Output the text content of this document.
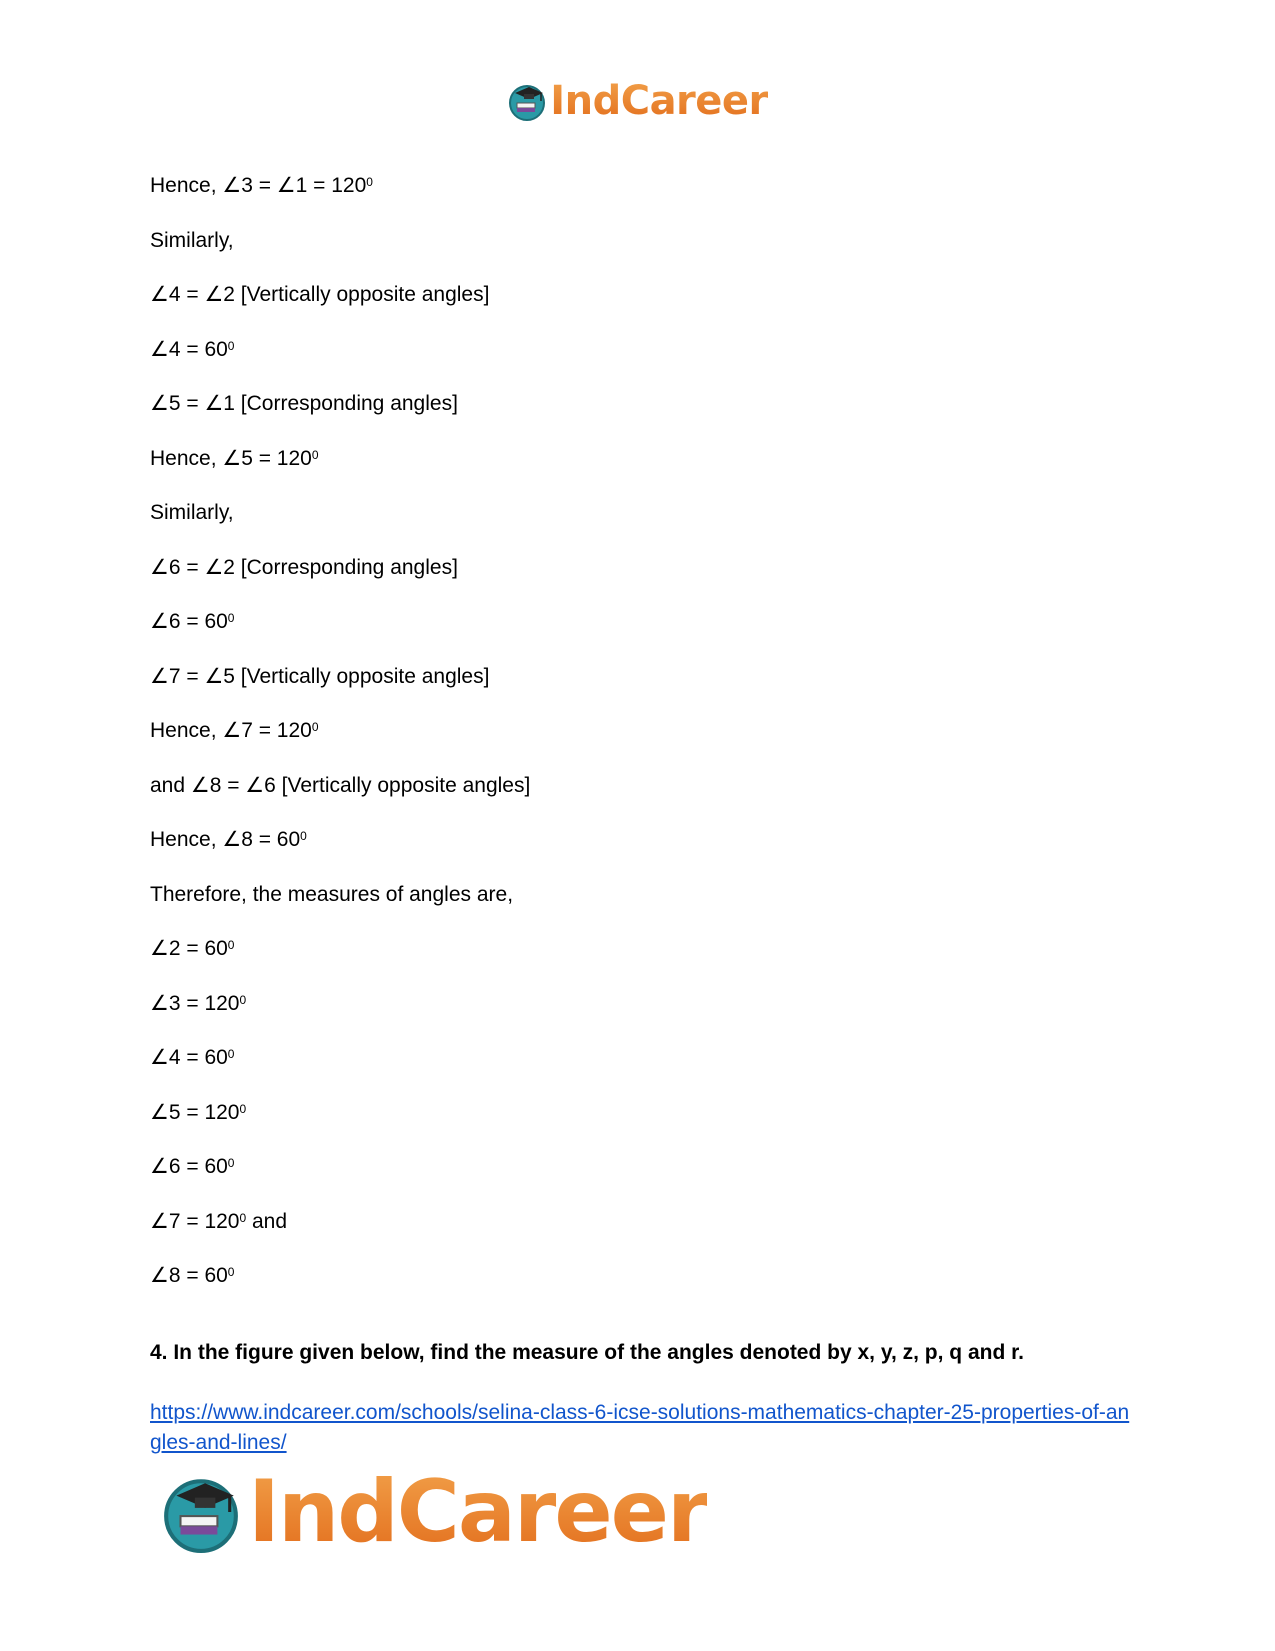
IndCareer
Hence, ∠3 = ∠1 = $120^0$
Similarly,
∠4 = ∠2 [Vertically opposite angles]
∠4 = $60^0$
∠5 = ∠1 [Corresponding angles]
Hence, ∠5 = $120^0$
Similarly,
∠6 = ∠2 [Corresponding angles]
∠6 = $60^0$
∠7 = ∠5 [Vertically opposite angles]
Hence, ∠7 = $120^0$
and ∠8 = ∠6 [Vertically opposite angles]
Hence, ∠8 = $60^0$
Therefore, the measures of angles are,
∠2 = $60^0$
∠3 = $120^0$
∠4 = $60^0$
∠5 = $120^0$
∠6 = $60^0$
∠7 = $120^0$ and
∠8 = $60^0$
4. In the figure given below, find the measure of the angles denoted by x, y, z, p, q and r.
https://www.indcareer.com/schools/selina-class-6-icse-solutions-mathematics-chapter-25-properties-of-angles-and-lines/
IndCareer
